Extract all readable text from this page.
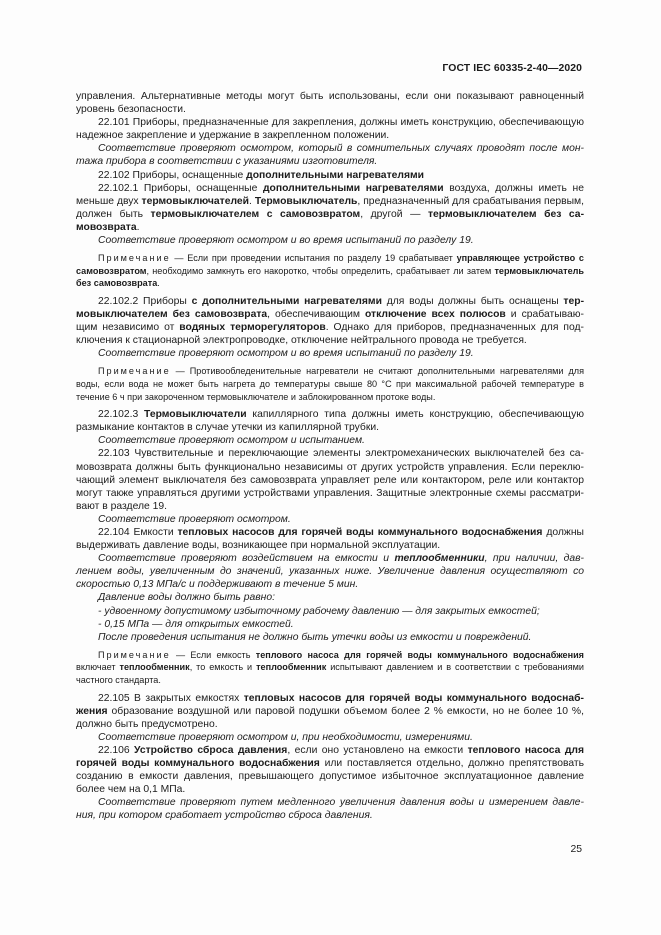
ГОСТ IEC 60335-2-40—2020

управления. Альтернативные методы могут быть использованы, если они показывают равноценный уровень безопасности.

22.101 Приборы, предназначенные для закрепления, должны иметь конструкцию, обеспечивающую надежное закрепление и удержание в закрепленном положении.

Соответствие проверяют осмотром, который в сомнительных случаях проводят после монтажа прибора в соответствии с указаниями изготовителя.

22.102 Приборы, оснащенные дополнительными нагревателями

22.102.1 Приборы, оснащенные дополнительными нагревателями воздуха, должны иметь не меньше двух термовыключателей. Термовыключатель, предназначенный для срабатывания первым, должен быть термовыключателем с самовозвратом, другой — термовыключателем без самовозврата.

Соответствие проверяют осмотром и во время испытаний по разделу 19.

Примечание — Если при проведении испытания по разделу 19 срабатывает управляющее устройство с самовозвратом, необходимо замкнуть его накоротко, чтобы определить, срабатывает ли затем термовыключатель без самовозврата.

22.102.2 Приборы с дополнительными нагревателями для воды должны быть оснащены термовыключателем без самовозврата, обеспечивающим отключение всех полюсов и срабатывающим независимо от водяных терморегуляторов. Однако для приборов, предназначенных для подключения к стационарной электропроводке, отключение нейтрального провода не требуется.

Соответствие проверяют осмотром и во время испытаний по разделу 19.

Примечание — Противообледенительные нагреватели не считают дополнительными нагревателями для воды, если вода не может быть нагрета до температуры свыше 80 °С при максимальной рабочей температуре в течение 6 ч при закороченном термовыключателе и заблокированном протоке воды.

22.102.3 Термовыключатели капиллярного типа должны иметь конструкцию, обеспечивающую размыкание контактов в случае утечки из капиллярной трубки.

Соответствие проверяют осмотром и испытанием.

22.103 Чувствительные и переключающие элементы электромеханических выключателей без самовозврата должны быть функционально независимы от других устройств управления. Если переключающий элемент выключателя без самовозврата управляет реле или контактором, реле или контактор могут также управляться другими устройствами управления. Защитные электронные схемы рассматривают в разделе 19.

Соответствие проверяют осмотром.

22.104 Емкости тепловых насосов для горячей воды коммунального водоснабжения должны выдерживать давление воды, возникающее при нормальной эксплуатации.

Соответствие проверяют воздействием на емкости и теплообменники, при наличии, давлением воды, увеличенным до значений, указанных ниже. Увеличение давления осуществляют со скоростью 0,13 МПа/с и поддерживают в течение 5 мин.

Давление воды должно быть равно:

- удвоенному допустимому избыточному рабочему давлению — для закрытых емкостей;

- 0,15 МПа — для открытых емкостей.

После проведения испытания не должно быть утечки воды из емкости и повреждений.

Примечание — Если емкость теплового насоса для горячей воды коммунального водоснабжения включает теплообменник, то емкость и теплообменник испытывают давлением и в соответствии с требованиями частного стандарта.

22.105 В закрытых емкостях тепловых насосов для горячей воды коммунального водоснабжения образование воздушной или паровой подушки объемом более 2 % емкости, но не более 10 %, должно быть предусмотрено.

Соответствие проверяют осмотром и, при необходимости, измерениями.

22.106 Устройство сброса давления, если оно установлено на емкости теплового насоса для горячей воды коммунального водоснабжения или поставляется отдельно, должно препятствовать созданию в емкости давления, превышающего допустимое избыточное эксплуатационное давление более чем на 0,1 МПа.

Соответствие проверяют путем медленного увеличения давления воды и измерением давления, при котором сработает устройство сброса давления.

25
